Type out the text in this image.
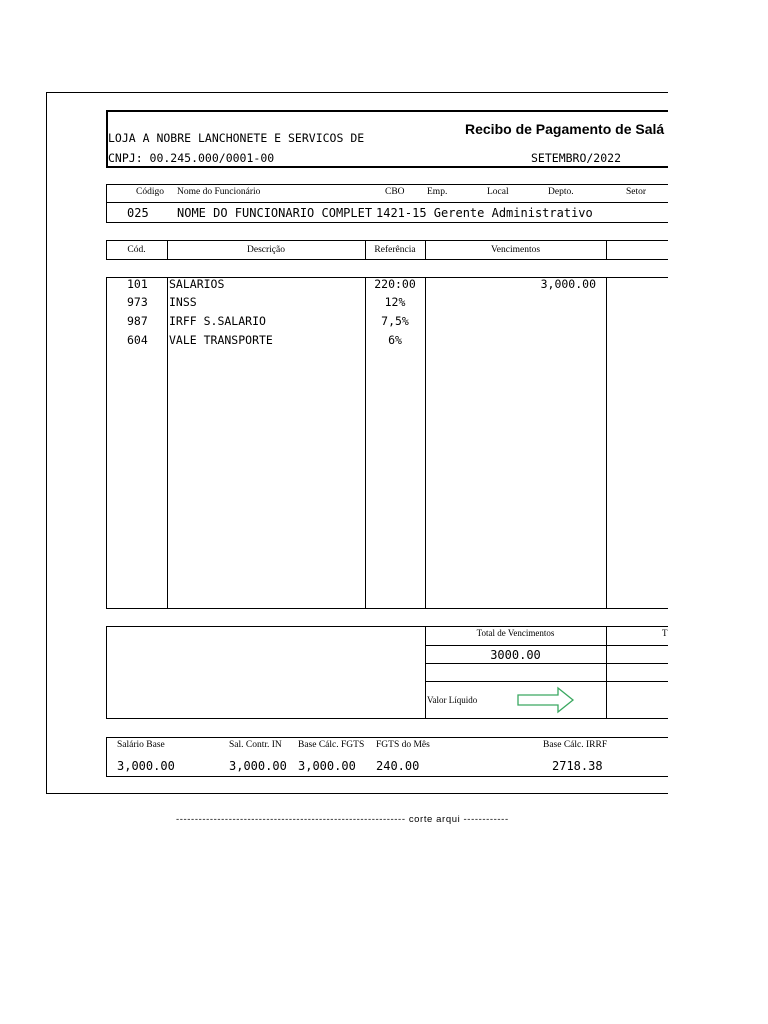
LOJA A NOBRE LANCHONETE E SERVICOS DE
CNPJ: 00.245.000/0001-00
Recibo de Pagamento de Salá
SETEMBRO/2022
Código Nome do Funcionário	CBO Emp.	Local	Depto.	Setor
025 NOME DO FUNCIONARIO COMPLET 1421-15 Gerente Administrativo
Cód.	Descrição	Referência	Vencimentos
101 SALARIOS	220:00	3,000.00
973 INSS	12%
987 IRFF S.SALARIO	7,5%
604 VALE TRANSPORTE	6%
Total de Vencimentos	T
3000.00
Valor Líquido
Salário Base	Sal. Contr. IN	Base Cálc. FGTS	FGTS do Mês	Base Cálc. IRRF
3,000.00	3,000.00 3,000.00 240.00	2718.38
------------------------------------------------------------- corte arqui ------------
